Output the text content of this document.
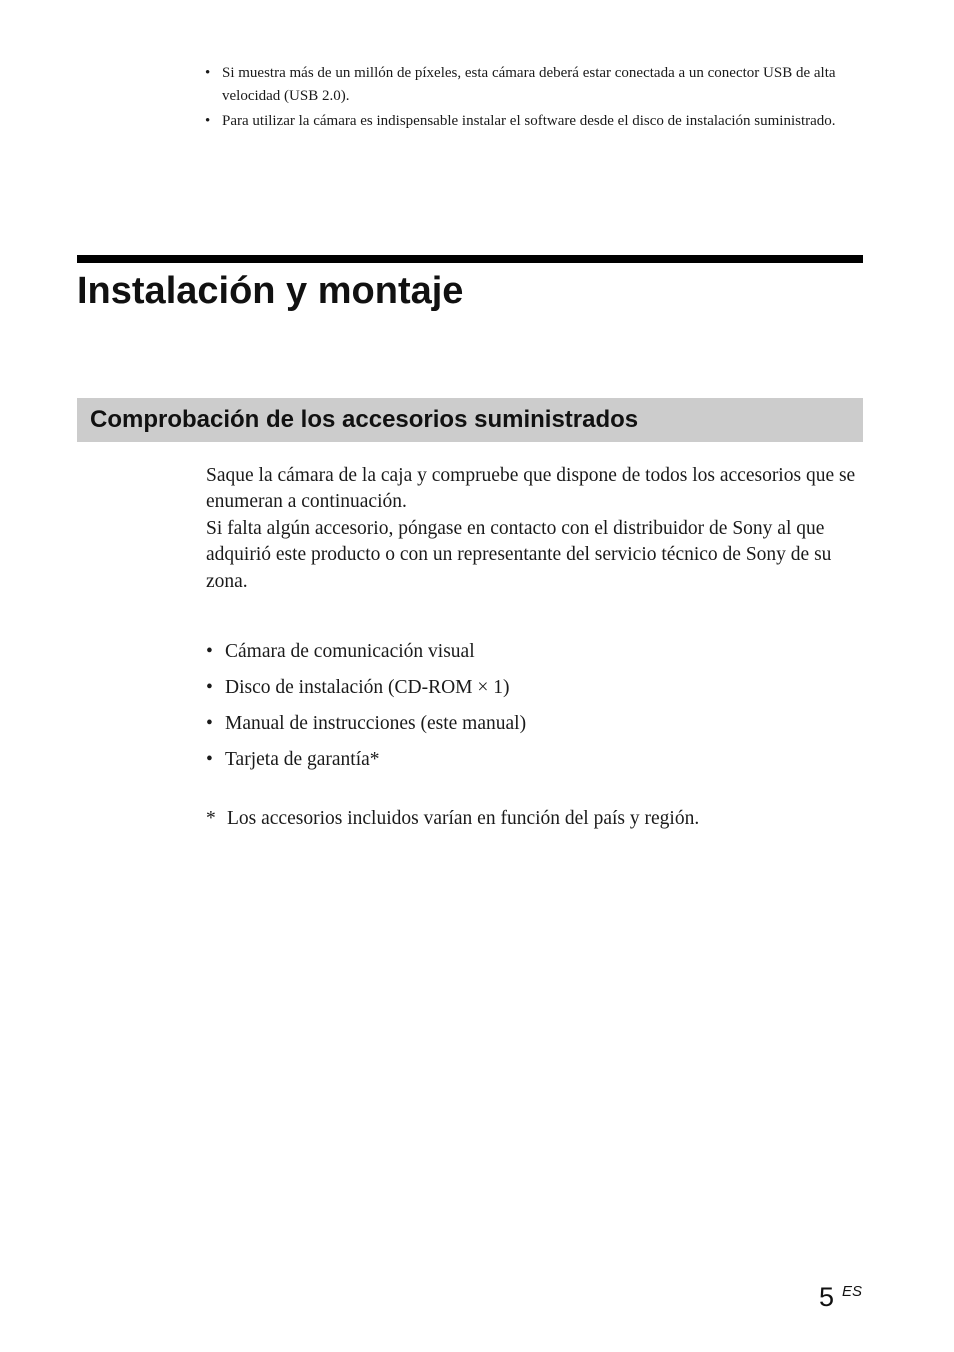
• Si muestra más de un millón de píxeles, esta cámara deberá estar conectada a un conector USB de alta velocidad (USB 2.0).
• Para utilizar la cámara es indispensable instalar el software desde el disco de instalación suministrado.
Instalación y montaje
Comprobación de los accesorios suministrados

Saque la cámara de la caja y compruebe que dispone de todos los accesorios que se enumeran a continuación.

Si falta algún accesorio, póngase en contacto con el distribuidor de Sony al que adquirió este producto o con un representante del servicio técnico de Sony de su zona.

• Cámara de comunicación visual
• Disco de instalación (CD-ROM × 1)
• Manual de instrucciones (este manual)
• Tarjeta de garantía*
* Los accesorios incluidos varían en función del país y región.
5 ES
